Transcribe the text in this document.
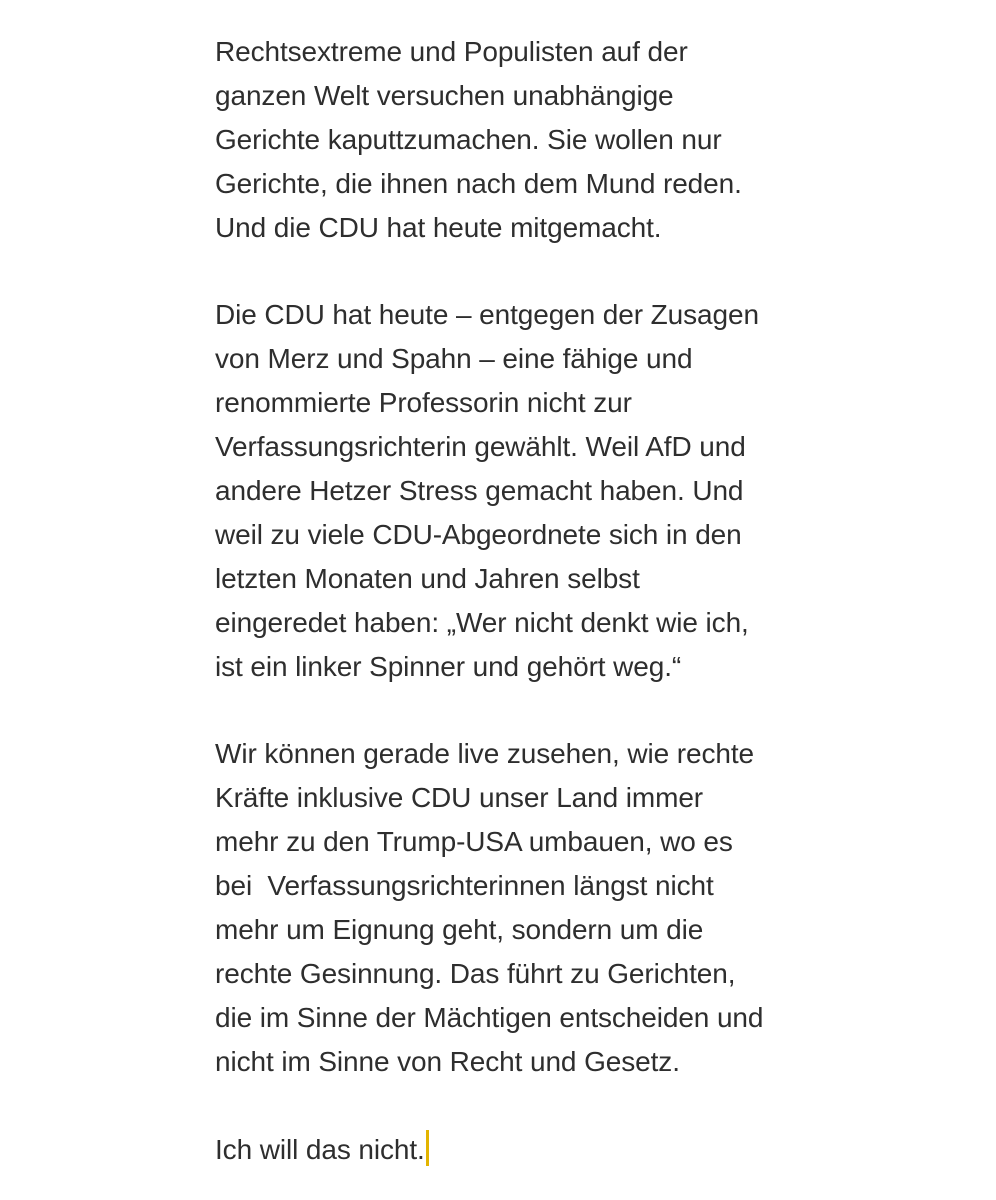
Rechtsextreme und Populisten auf der
ganzen Welt versuchen unabhängige
Gerichte kaputtzumachen. Sie wollen nur
Gerichte, die ihnen nach dem Mund reden.
Und die CDU hat heute mitgemacht.

Die CDU hat heute – entgegen der Zusagen
von Merz und Spahn – eine fähige und
renommierte Professorin nicht zur
Verfassungsrichterin gewählt. Weil AfD und
andere Hetzer Stress gemacht haben. Und
weil zu viele CDU-Abgeordnete sich in den
letzten Monaten und Jahren selbst
eingeredet haben: „Wer nicht denkt wie ich,
ist ein linker Spinner und gehört weg.“

Wir können gerade live zusehen, wie rechte
Kräfte inklusive CDU unser Land immer
mehr zu den Trump-USA umbauen, wo es
bei  Verfassungsrichterinnen längst nicht
mehr um Eignung geht, sondern um die
rechte Gesinnung. Das führt zu Gerichten,
die im Sinne der Mächtigen entscheiden und
nicht im Sinne von Recht und Gesetz.

Ich will das nicht.
